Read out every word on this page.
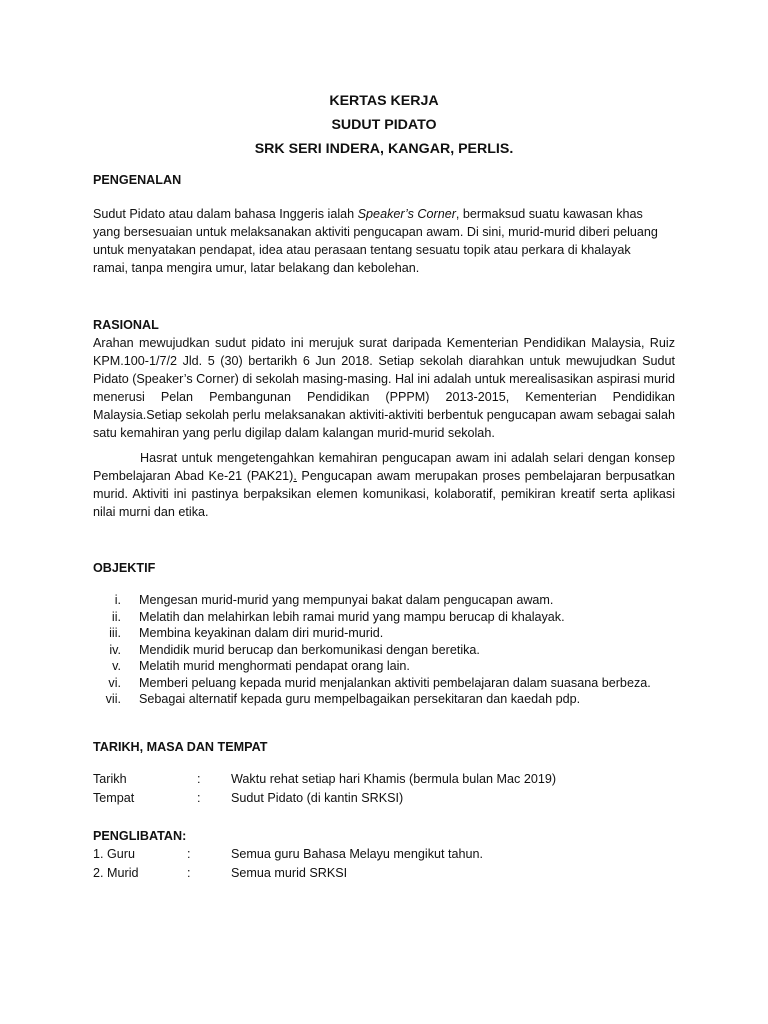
KERTAS KERJA
SUDUT PIDATO
SRK SERI INDERA, KANGAR, PERLIS.
PENGENALAN
Sudut Pidato atau dalam bahasa Inggeris ialah Speaker’s Corner, bermaksud suatu kawasan khas yang bersesuaian untuk melaksanakan aktiviti pengucapan awam. Di sini, murid-murid diberi peluang untuk menyatakan pendapat, idea atau perasaan tentang sesuatu topik atau perkara di khalayak ramai, tanpa mengira umur, latar belakang dan kebolehan.
RASIONAL
Arahan mewujudkan sudut pidato ini merujuk surat daripada Kementerian Pendidikan Malaysia, Ruiz KPM.100-1/7/2 Jld. 5 (30) bertarikh 6 Jun 2018. Setiap sekolah diarahkan untuk mewujudkan Sudut Pidato (Speaker’s Corner) di sekolah masing-masing. Hal ini adalah untuk merealisasikan aspirasi murid menerusi Pelan Pembangunan Pendidikan (PPPM) 2013-2015, Kementerian Pendidikan Malaysia.Setiap sekolah perlu melaksanakan aktiviti-aktiviti berbentuk pengucapan awam sebagai salah satu kemahiran yang perlu digilap dalam kalangan murid-murid sekolah.
Hasrat untuk mengetengahkan kemahiran pengucapan awam ini adalah selari dengan konsep Pembelajaran Abad Ke-21 (PAK21). Pengucapan awam merupakan proses pembelajaran berpusatkan murid. Aktiviti ini pastinya berpaksikan elemen komunikasi, kolaboratif, pemikiran kreatif serta aplikasi nilai murni dan etika.
OBJEKTIF
i.	Mengesan murid-murid yang mempunyai bakat dalam pengucapan awam.
ii.	Melatih dan melahirkan lebih ramai murid yang mampu berucap di khalayak.
iii.	Membina keyakinan dalam diri murid-murid.
iv.	Mendidik murid berucap dan berkomunikasi dengan beretika.
v.	Melatih murid menghormati pendapat orang lain.
vi.	Memberi peluang kepada murid menjalankan aktiviti pembelajaran dalam suasana berbeza.
vii.	Sebagai alternatif kepada guru mempelbagaikan persekitaran dan kaedah pdp.
TARIKH, MASA DAN TEMPAT
Tarikh	:	Waktu rehat setiap hari Khamis (bermula bulan Mac 2019)
Tempat	:	Sudut Pidato (di kantin SRKSI)
PENGLIBATAN:
1. Guru	:	Semua guru Bahasa Melayu mengikut tahun.
2. Murid	:	Semua murid SRKSI
